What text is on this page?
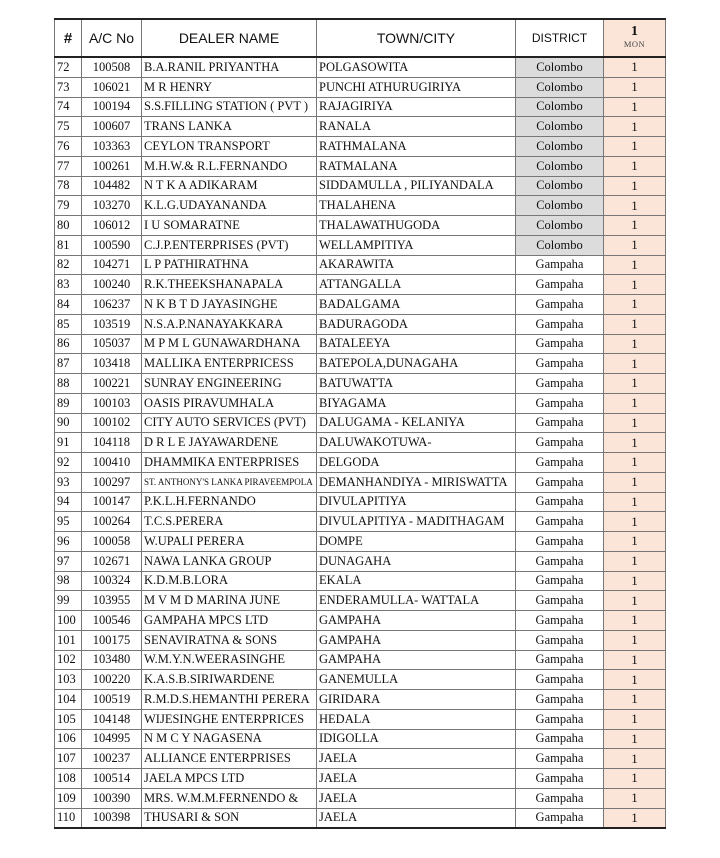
#	A/C No	DEALER NAME	TOWN/CITY	DISTRICT	1
MON

72	100508	B.A.RANIL PRIYANTHA	POLGASOWITA	Colombo	1
73	106021	M R HENRY	PUNCHI ATHURUGIRIYA	Colombo	1
74	100194	S.S.FILLING STATION ( PVT )	RAJAGIRIYA	Colombo	1
75	100607	TRANS LANKA	RANALA	Colombo	1
76	103363	CEYLON TRANSPORT	RATHMALANA	Colombo	1
77	100261	M.H.W.& R.L.FERNANDO	RATMALANA	Colombo	1
78	104482	N T K A ADIKARAM	SIDDAMULLA , PILIYANDALA	Colombo	1
79	103270	K.L.G.UDAYANANDA	THALAHENA	Colombo	1
80	106012	I U SOMARATNE	THALAWATHUGODA	Colombo	1
81	100590	C.J.P.ENTERPRISES (PVT)	WELLAMPITIYA	Colombo	1
82	104271	L P PATHIRATHNA	AKARAWITA	Gampaha	1
83	100240	R.K.THEEKSHANAPALA	ATTANGALLA	Gampaha	1
84	106237	N K B T D JAYASINGHE	BADALGAMA	Gampaha	1
85	103519	N.S.A.P.NANAYAKKARA	BADURAGODA	Gampaha	1
86	105037	M P M L GUNAWARDHANA	BATALEEYA	Gampaha	1
87	103418	MALLIKA ENTERPRICESS	BATEPOLA,DUNAGAHA	Gampaha	1
88	100221	SUNRAY ENGINEERING	BATUWATTA	Gampaha	1
89	100103	OASIS PIRAVUMHALA	BIYAGAMA	Gampaha	1
90	100102	CITY AUTO SERVICES (PVT)	DALUGAMA - KELANIYA	Gampaha	1
91	104118	D R L E JAYAWARDENE	DALUWAKOTUWA-	Gampaha	1
92	100410	DHAMMIKA ENTERPRISES	DELGODA	Gampaha	1
93	100297	ST. ANTHONY'S LANKA PIRAVEEMPOLA	DEMANHANDIYA - MIRISWATTA	Gampaha	1
94	100147	P.K.L.H.FERNANDO	DIVULAPITIYA	Gampaha	1
95	100264	T.C.S.PERERA	DIVULAPITIYA - MADITHAGAM	Gampaha	1
96	100058	W.UPALI PERERA	DOMPE	Gampaha	1
97	102671	NAWA LANKA GROUP	DUNAGAHA	Gampaha	1
98	100324	K.D.M.B.LORA	EKALA	Gampaha	1
99	103955	M V M D MARINA JUNE	ENDERAMULLA- WATTALA	Gampaha	1
100	100546	GAMPAHA MPCS LTD	GAMPAHA	Gampaha	1
101	100175	SENAVIRATNA & SONS	GAMPAHA	Gampaha	1
102	103480	W.M.Y.N.WEERASINGHE	GAMPAHA	Gampaha	1
103	100220	K.A.S.B.SIRIWARDENE	GANEMULLA	Gampaha	1
104	100519	R.M.D.S.HEMANTHI PERERA	GIRIDARA	Gampaha	1
105	104148	WIJESINGHE ENTERPRICES	HEDALA	Gampaha	1
106	104995	N M C Y NAGASENA	IDIGOLLA	Gampaha	1
107	100237	ALLIANCE ENTERPRISES	JAELA	Gampaha	1
108	100514	JAELA MPCS LTD	JAELA	Gampaha	1
109	100390	MRS. W.M.M.FERNENDO &	JAELA	Gampaha	1
110	100398	THUSARI & SON	JAELA	Gampaha	1
